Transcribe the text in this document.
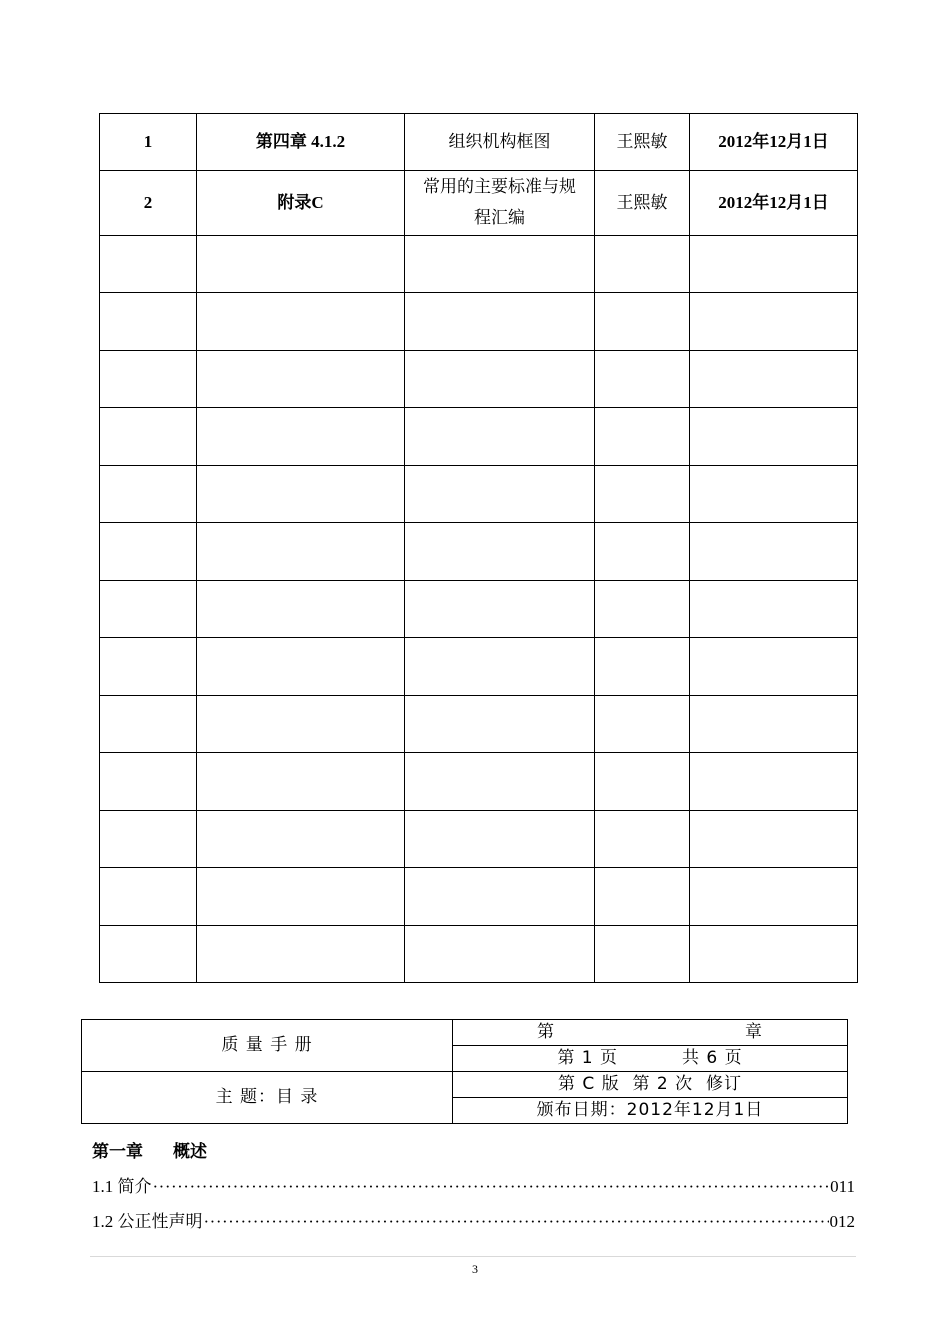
1	第四章 4.1.2	组织机构框图	王熙敏	2012年12月1日
2	附录C	常用的主要标准与规程汇编	王熙敏	2012年12月1日

质 量 手 册	第 章

	第 1 页          共 6 页
主 题：目 录	第 C 版  第 2 次  修订
	颁布日期：2012年12月1日
第一章 概述
1.1 简介 ·····	011
1.2 公正性声明 ·····	012
3
